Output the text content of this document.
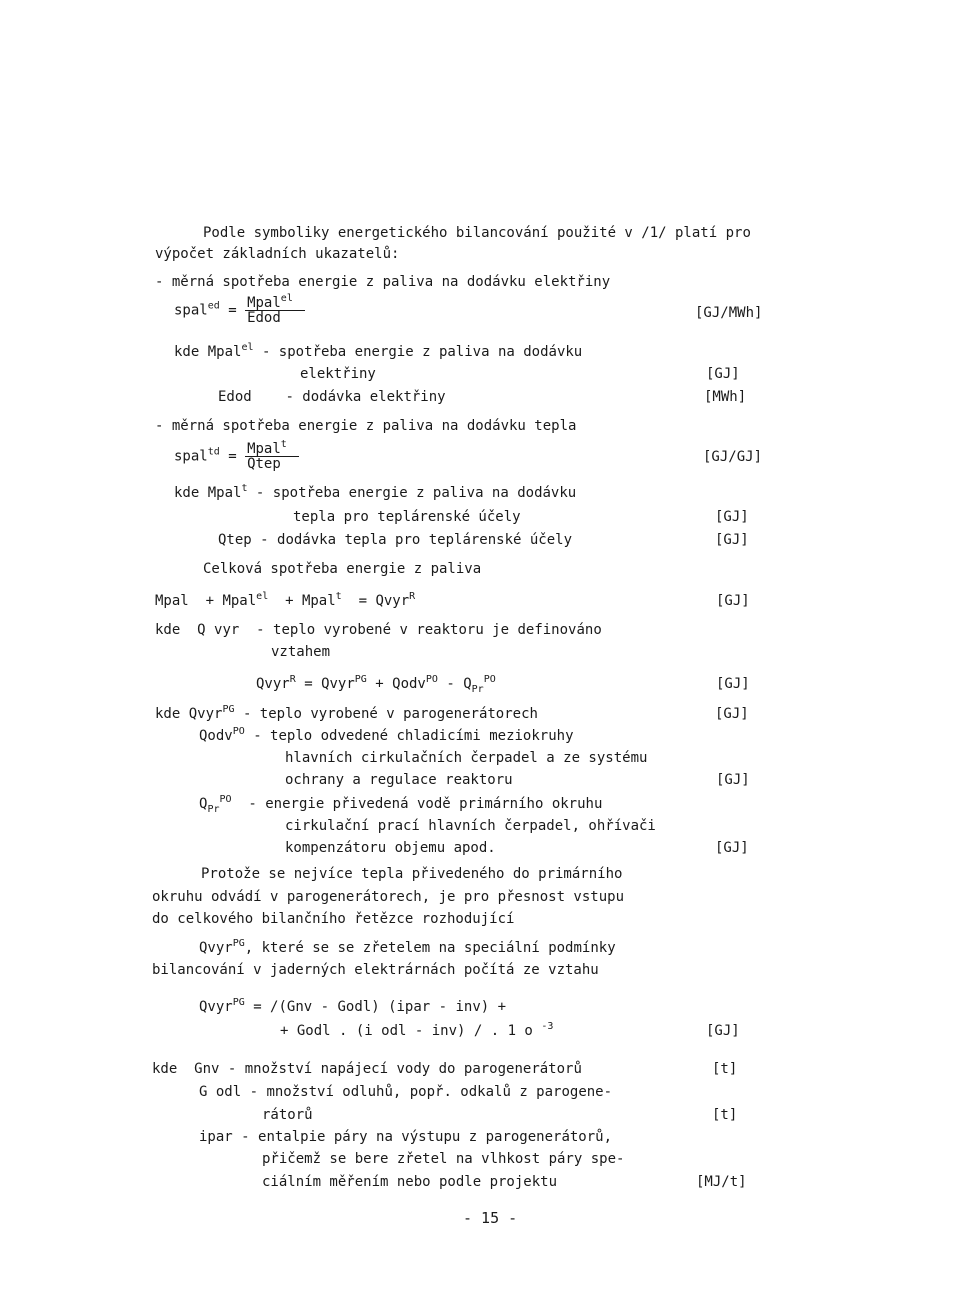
Podle symboliky energetického bilancování použité v /1/ platí pro
výpočet základních ukazatelů:
- měrná spotřeba energie z paliva na dodávku elektřiny
spal$^{ed}$ = $\frac{Mpal^{el}}{\text{Edod}}$	[GJ/MWh]
kde Mpal$^{el}$ - spotřeba energie z paliva na dodávku
elektřiny	[GJ]
Edod - dodávka elektřiny	[MWh]
- měrná spotřeba energie z paliva na dodávku tepla
spal$^{td}$ = $\frac{Mpal^t}{\text{Qtep}}$	[GJ/GJ]
kde Mpal$^t$ - spotřeba energie z paliva na dodávku
tepla pro teplárenské účely	[GJ]
Qtep - dodávka tepla pro teplárenské účely	[GJ]
Celková spotřeba energie z paliva
Mpal + Mpal$^{el}$ + Mpal$^t$ = Qvyr$^R$	[GJ]
kde Q vyr - teplo vyrobené v reaktoru je definováno
vztahem
Qvyr$^R$ = Qvyr$^{PG}$ + Qodv$^{PO}$ - $Q_{Pr}^{PO}$	[GJ]
kde Qvyr$^{PG}$ - teplo vyrobené v parogenerátorech	[GJ]
Qodv$^{PO}$ - teplo odvedené chladicími meziokruhy
hlavních cirkulačních čerpadel a ze systému
ochrany a regulace reaktoru	[GJ]
$Q_{Pr}^{PO}$ - energie přivedená vodě primárního okruhu
cirkulační prací hlavních čerpadel, ohřívači
kompenzátoru objemu apod.	[GJ]
Protože se nejvíce tepla přivedeného do primárního
okruhu odvádí v parogenerátorech, je pro přesnost vstupu
do celkového bilančního řetězce rozhodující
Qvyr$^{PG}$, které se se zřetelem na speciální podmínky
bilancování v jaderných elektrárnách počítá ze vztahu
Qvyr$^{PG}$ = /(Gnv - Godl) (ipar - inv) +
+ Godl . (i odl - inv) / . 1 o $^{-3}$	[GJ]
kde Gnv - množství napájecí vody do parogenerátorů	[t]
G odl - množství odluhů, popř. odkalů z parogene-
rátorů	[t]
ipar - entalpie páry na výstupu z parogenerátorů,
přičemž se bere zřetel na vlhkost páry spe-
ciálním měřením nebo podle projektu	[MJ/t]
- 15 -
